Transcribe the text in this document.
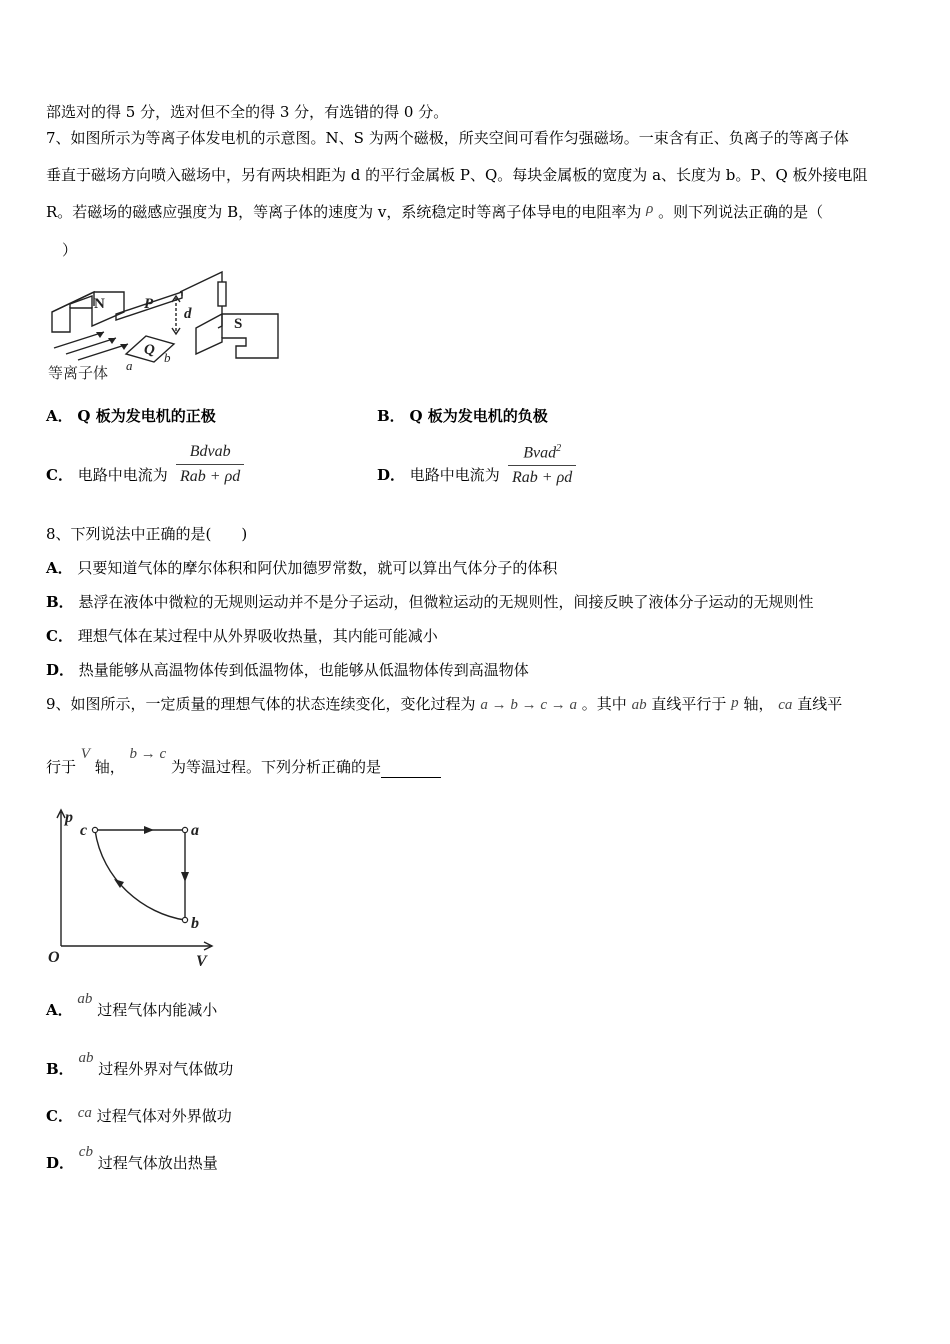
部选对的得 5 分，选对但不全的得 3 分，有选错的得 0 分。
7、如图所示为等离子体发电机的示意图。N、S 为两个磁极，所夹空间可看作匀强磁场。一束含有正、负离子的等离子体
垂直于磁场方向喷入磁场中，另有两块相距为 d 的平行金属板 P、Q。每块金属板的宽度为 a、长度为 b。P、Q 板外接电阻
R。若磁场的磁感应强度为 B，等离子体的速度为 v，系统稳定时等离子体导电的电阻率为 ρ 。则下列说法正确的是（
）
N	P
d
S
Q
a
b
等离子体
A． Q 板为发电机的正极	B． Q 板为发电机的负极
C． 电路中电流为
Bdvab
Rab + ρd	D． 电路中电流为
Bvad$^2$
Rab + ρd
8、下列说法中正确的是(　　)
A． 只要知道气体的摩尔体积和阿伏加德罗常数，就可以算出气体分子的体积
B． 悬浮在液体中微粒的无规则运动并不是分子运动，但微粒运动的无规则性，间接反映了液体分子运动的无规则性
C． 理想气体在某过程中从外界吸收热量，其内能可能减小
D． 热量能够从高温物体传到低温物体，也能够从低温物体传到高温物体
9、如图所示，一定质量的理想气体的状态连续变化，变化过程为 a → b → c → a 。其中 ab 直线平行于 p 轴， ca 直线平
行于 V 轴， b → c 为等温过程。下列分析正确的是
p
c	a
b
O	V
A． ab 过程气体内能减小
B． ab 过程外界对气体做功
C． ca 过程气体对外界做功
D． cb 过程气体放出热量
